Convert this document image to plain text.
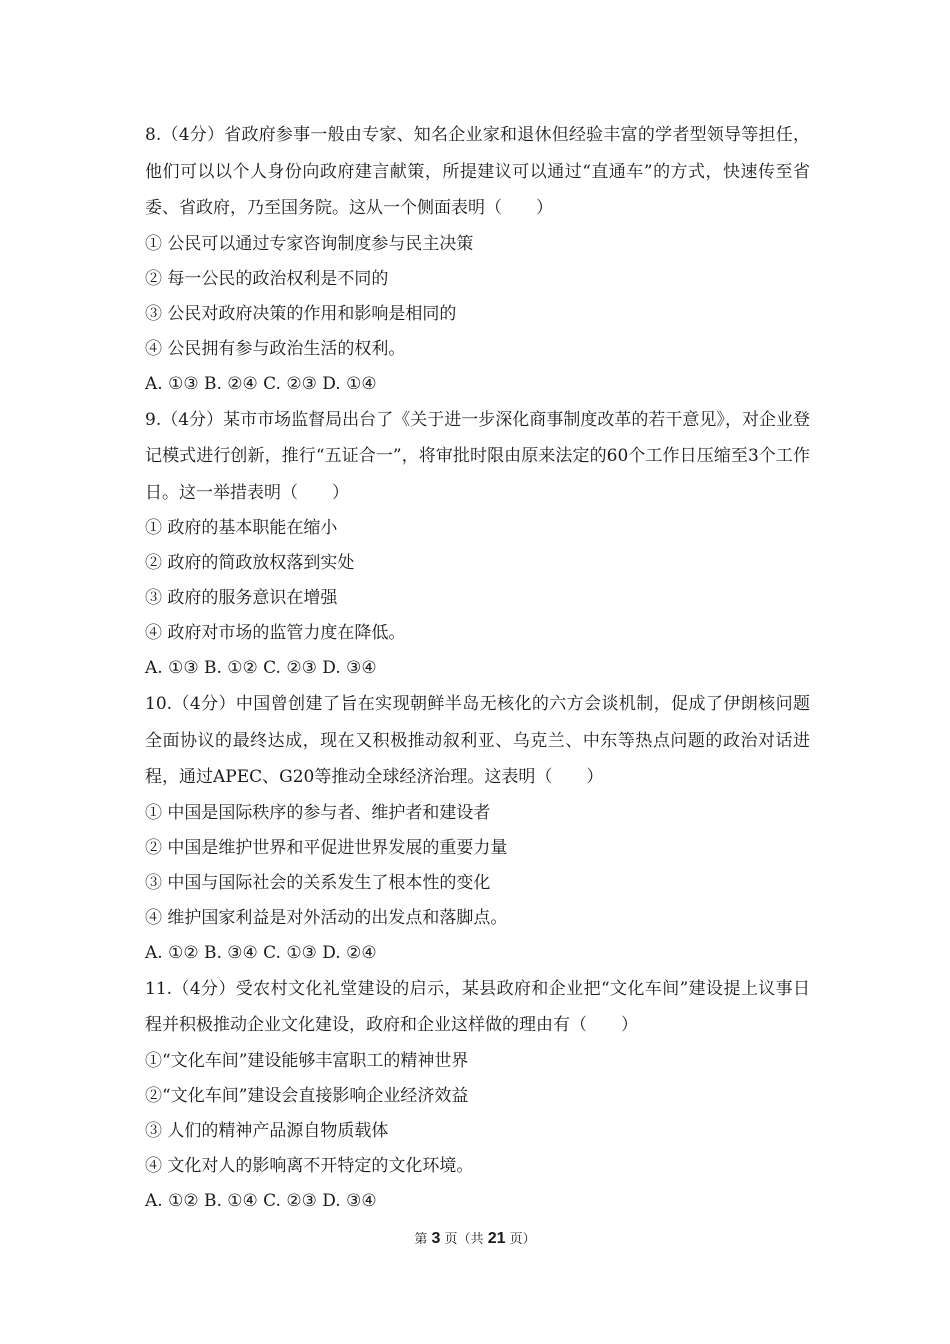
8.（4分）省政府参事一般由专家、知名企业家和退休但经验丰富的学者型领导等担任，他们可以以个人身份向政府建言献策，所提建议可以通过“直通车”的方式，快速传至省委、省政府，乃至国务院。这从一个侧面表明（　　）

① 公民可以通过专家咨询制度参与民主决策

② 每一公民的政治权利是不同的

③ 公民对政府决策的作用和影响是相同的

④ 公民拥有参与政治生活的权利。

A. ①③ B. ②④ C. ②③ D. ①④

9.（4分）某市市场监督局出台了《关于进一步深化商事制度改革的若干意见》，对企业登记模式进行创新，推行“五证合一”，将审批时限由原来法定的60个工作日压缩至3个工作日。这一举措表明（　　）

① 政府的基本职能在缩小

② 政府的简政放权落到实处

③ 政府的服务意识在增强

④ 政府对市场的监管力度在降低。

A. ①③ B. ①② C. ②③ D. ③④

10.（4分）中国曾创建了旨在实现朝鲜半岛无核化的六方会谈机制，促成了伊朗核问题全面协议的最终达成，现在又积极推动叙利亚、乌克兰、中东等热点问题的政治对话进程，通过APEC、G20等推动全球经济治理。这表明（　　）

① 中国是国际秩序的参与者、维护者和建设者

② 中国是维护世界和平促进世界发展的重要力量

③ 中国与国际社会的关系发生了根本性的变化

④ 维护国家利益是对外活动的出发点和落脚点。

A. ①② B. ③④ C. ①③ D. ②④

11.（4分）受农村文化礼堂建设的启示，某县政府和企业把“文化车间”建设提上议事日程并积极推动企业文化建设，政府和企业这样做的理由有（　　）

①“文化车间”建设能够丰富职工的精神世界

②“文化车间”建设会直接影响企业经济效益

③ 人们的精神产品源自物质载体

④ 文化对人的影响离不开特定的文化环境。

A. ①② B. ①④ C. ②③ D. ③④

第 3 页（共 21 页）
